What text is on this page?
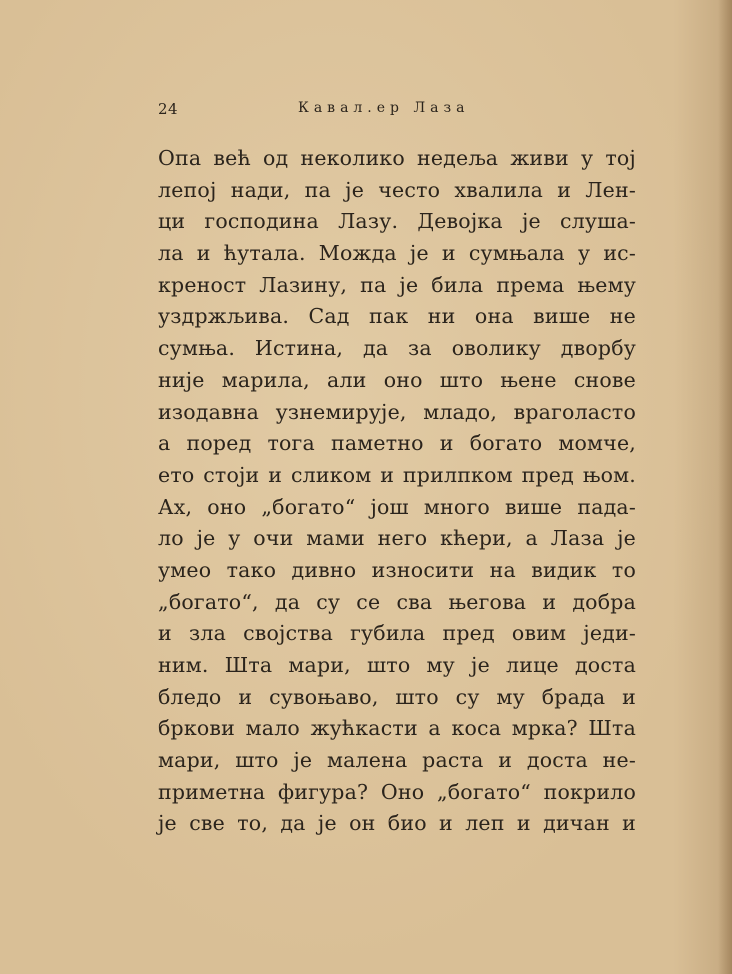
24	Кавал.ер Лаза
Опа већ од неколико недеља живи у тој
лепој нади, па је често хвалила и Лен-
ци господина Лазу. Девојка је слуша-
ла и ћутала. Можда је и сумњала у ис-
креност Лазину, па је била према њему
уздржљива. Сад пак ни она више не
сумња. Истина, да за оволику дворбу
није марила, али оно што њене снове
изодавна узнемирује, младо, враголасто
а поред тога паметно и богато момче,
ето стоји и сликом и прилпком пред њом.
Ах, оно „богато“ још много више пада-
ло је у очи мами него кћери, а Лаза је
умео тако дивно износити на видик то
„богато“, да су се сва његова и добра
и зла својства губила пред овим једи-
ним. Шта мари, што му је лице доста
бледо и сувоњаво, што су му брада и
бркови мало жућкасти а коса мрка? Шта
мари, што је малена раста и доста не-
приметна фигура? Оно „богато“ покрило
је све то, да је он био и леп и дичан и
